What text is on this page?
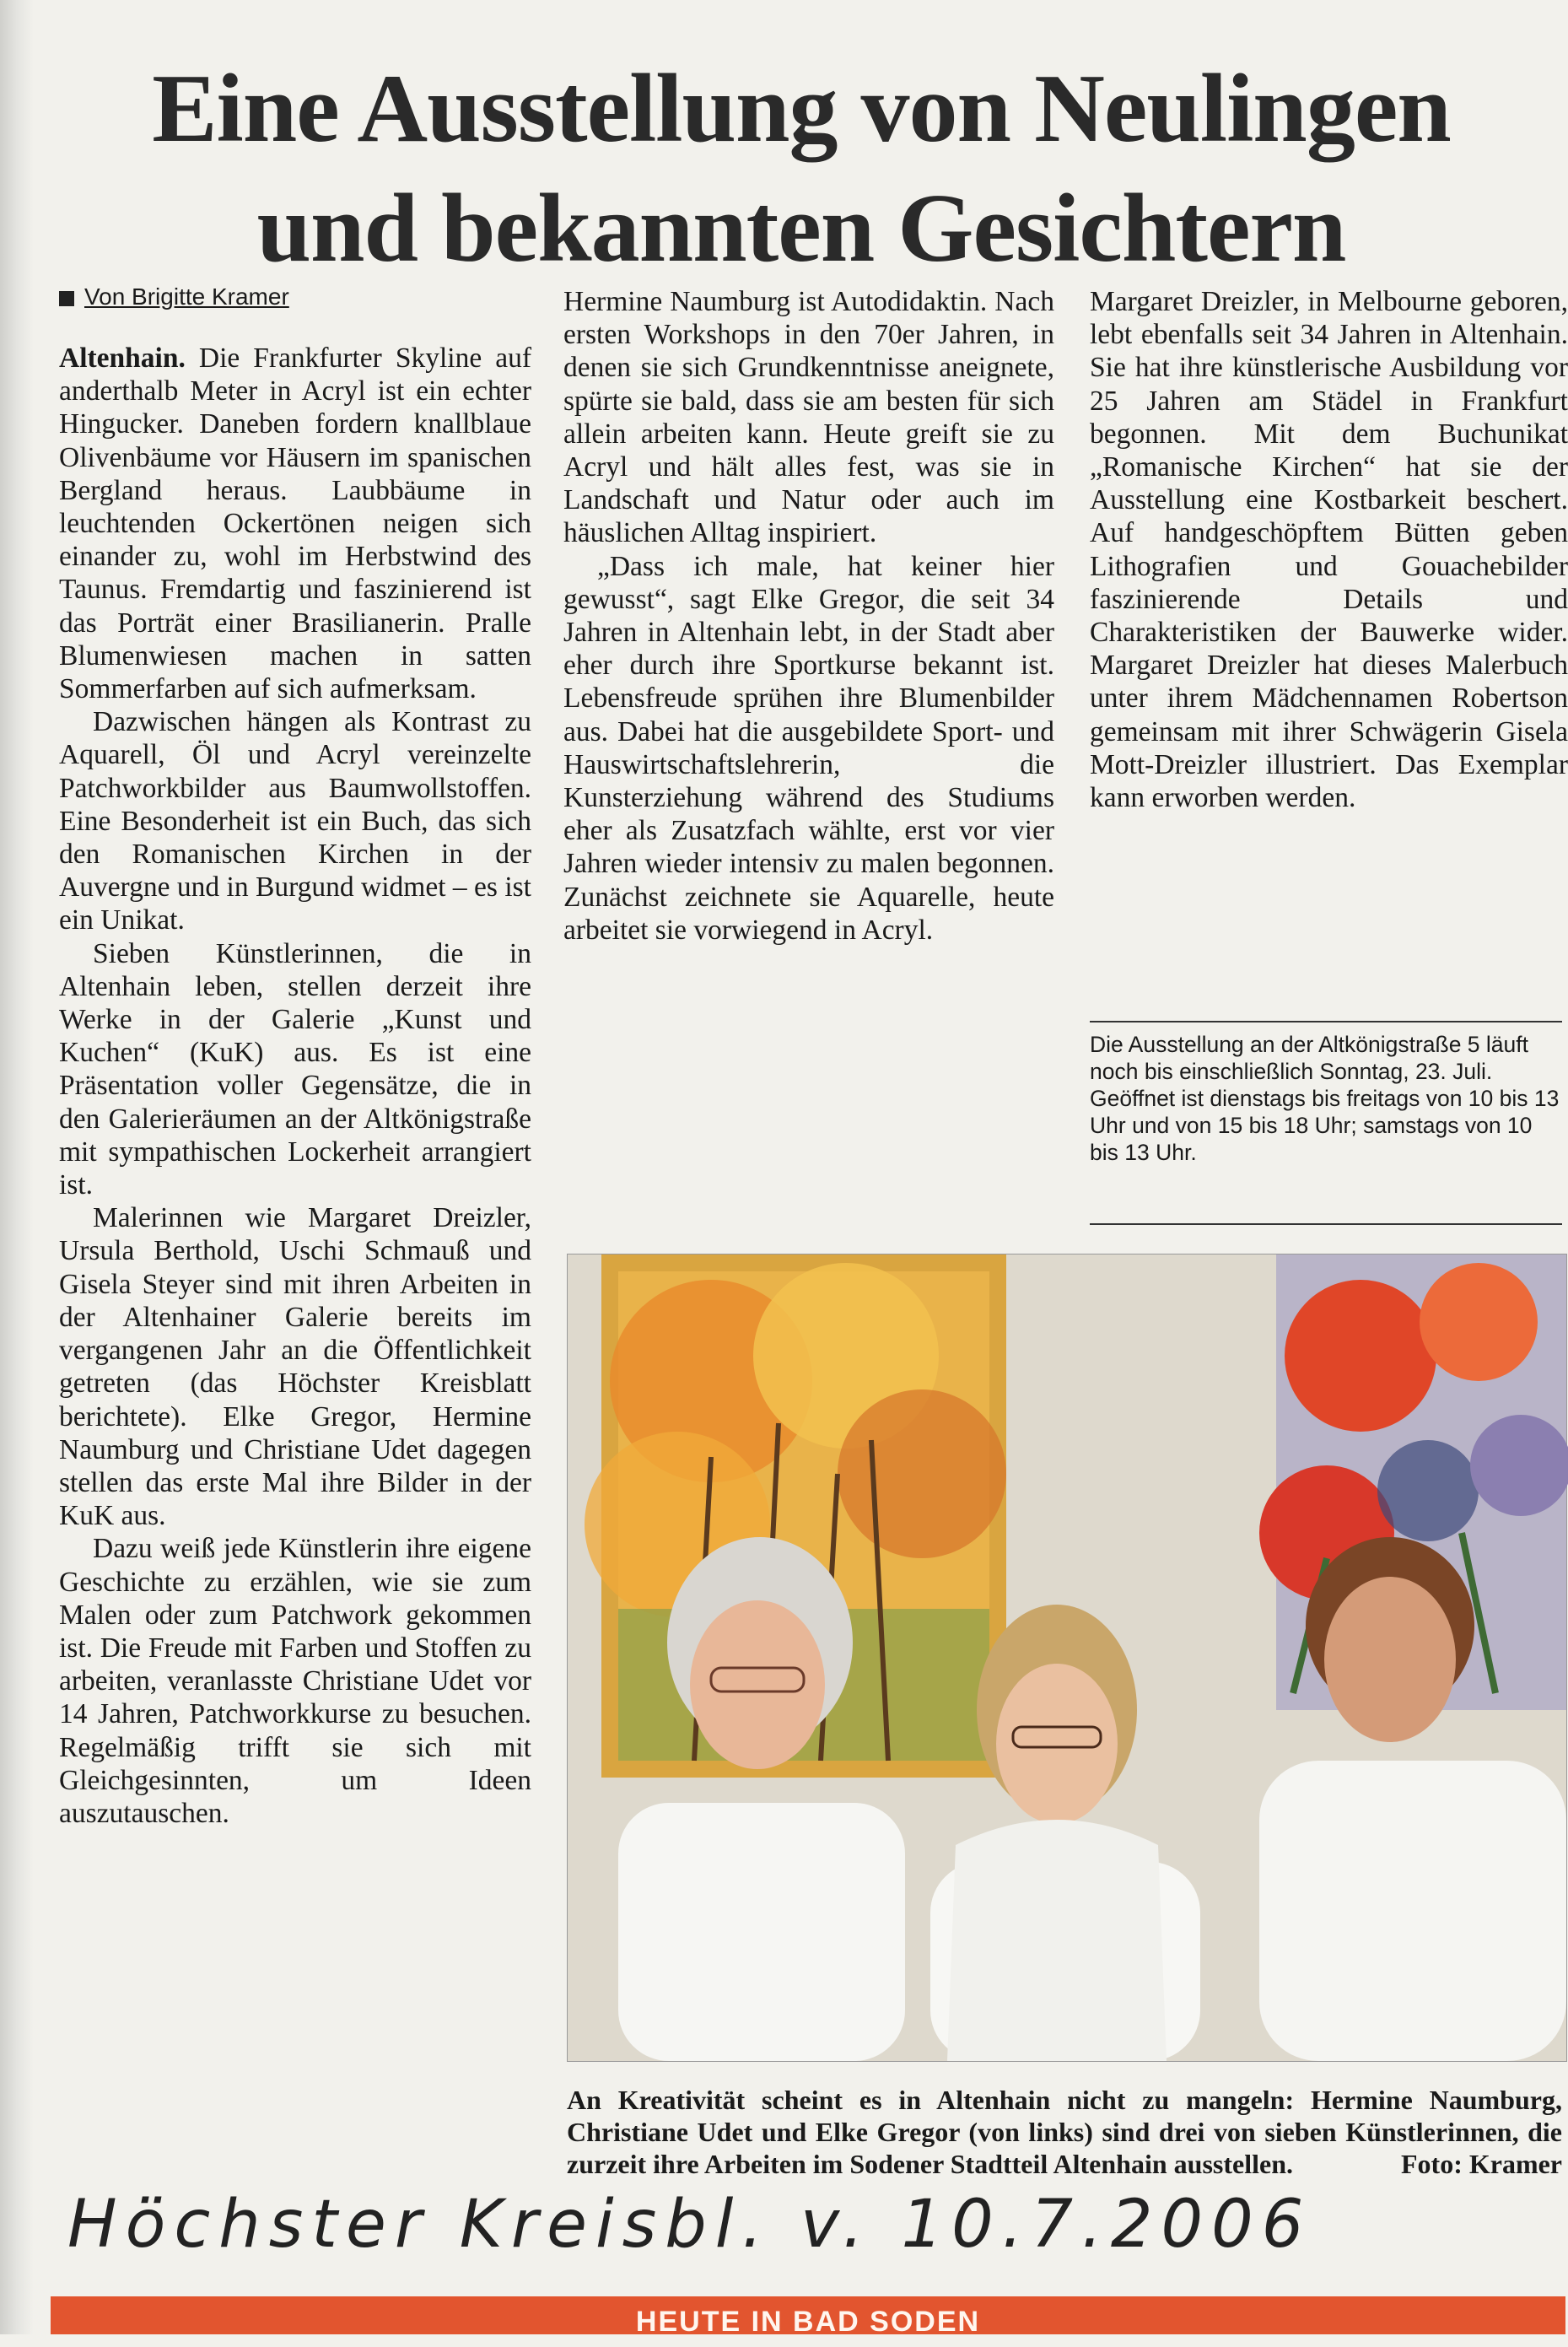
Eine Ausstellung von Neulingen
und bekannten Gesichtern
Von Brigitte Kramer

Altenhain. Die Frankfurter Skyline auf anderthalb Meter in Acryl ist ein echter Hingucker. Daneben fordern knallblaue Olivenbäume vor Häusern im spanischen Bergland heraus. Laubbäume in leuchtenden Ockertönen neigen sich einander zu, wohl im Herbstwind des Taunus. Fremdartig und faszinierend ist das Porträt einer Brasilianerin. Pralle Blumenwiesen machen in satten Sommerfarben auf sich aufmerksam.

Dazwischen hängen als Kontrast zu Aquarell, Öl und Acryl vereinzelte Patchworkbilder aus Baumwollstoffen. Eine Besonderheit ist ein Buch, das sich den Romanischen Kirchen in der Auvergne und in Burgund widmet – es ist ein Unikat.

Sieben Künstlerinnen, die in Altenhain leben, stellen derzeit ihre Werke in der Galerie „Kunst und Kuchen“ (KuK) aus. Es ist eine Präsentation voller Gegensätze, die in den Galerieräumen an der Altkönigstraße mit sympathischen Lockerheit arrangiert ist.

Malerinnen wie Margaret Dreizler, Ursula Berthold, Uschi Schmauß und Gisela Steyer sind mit ihren Arbeiten in der Altenhainer Galerie bereits im vergangenen Jahr an die Öffentlichkeit getreten (das Höchster Kreisblatt berichtete). Elke Gregor, Hermine Naumburg und Christiane Udet dagegen stellen das erste Mal ihre Bilder in der KuK aus.

Dazu weiß jede Künstlerin ihre eigene Geschichte zu erzählen, wie sie zum Malen oder zum Patchwork gekommen ist. Die Freude mit Farben und Stoffen zu arbeiten, veranlasste Christiane Udet vor 14 Jahren, Patchworkkurse zu besuchen. Regelmäßig trifft sie sich mit Gleichgesinnten, um Ideen auszutauschen.

Hermine Naumburg ist Autodidaktin. Nach ersten Workshops in den 70er Jahren, in denen sie sich Grundkenntnisse aneignete, spürte sie bald, dass sie am besten für sich allein arbeiten kann. Heute greift sie zu Acryl und hält alles fest, was sie in Landschaft und Natur oder auch im häuslichen Alltag inspiriert.

„Dass ich male, hat keiner hier gewusst“, sagt Elke Gregor, die seit 34 Jahren in Altenhain lebt, in der Stadt aber eher durch ihre Sportkurse bekannt ist. Lebensfreude sprühen ihre Blumenbilder aus. Dabei hat die ausgebildete Sport- und Hauswirtschaftslehrerin, die Kunsterziehung während des Studiums eher als Zusatzfach wählte, erst vor vier Jahren wieder intensiv zu malen begonnen. Zunächst zeichnete sie Aquarelle, heute arbeitet sie vorwiegend in Acryl.

Margaret Dreizler, in Melbourne geboren, lebt ebenfalls seit 34 Jahren in Altenhain. Sie hat ihre künstlerische Ausbildung vor 25 Jahren am Städel in Frankfurt begonnen. Mit dem Buchunikat „Romanische Kirchen“ hat sie der Ausstellung eine Kostbarkeit beschert. Auf handgeschöpftem Bütten geben Lithografien und Gouachebilder faszinierende Details und Charakteristiken der Bauwerke wider. Margaret Dreizler hat dieses Malerbuch unter ihrem Mädchennamen Robertson gemeinsam mit ihrer Schwägerin Gisela Mott-Dreizler illustriert. Das Exemplar kann erworben werden.

Die Ausstellung an der Altkönigstraße 5 läuft noch bis einschließlich Sonntag, 23. Juli. Geöffnet ist dienstags bis freitags von 10 bis 13 Uhr und von 15 bis 18 Uhr; samstags von 10 bis 13 Uhr.
An Kreativität scheint es in Altenhain nicht zu mangeln: Hermine Naumburg, Christiane Udet und Elke Gregor (von links) sind drei von sieben Künstlerinnen, die zurzeit ihre Arbeiten im Sodener Stadtteil Altenhain ausstellen.	Foto: Kramer
Höchster Kreisbl. v. 10.7.2006
HEUTE IN BAD SODEN
